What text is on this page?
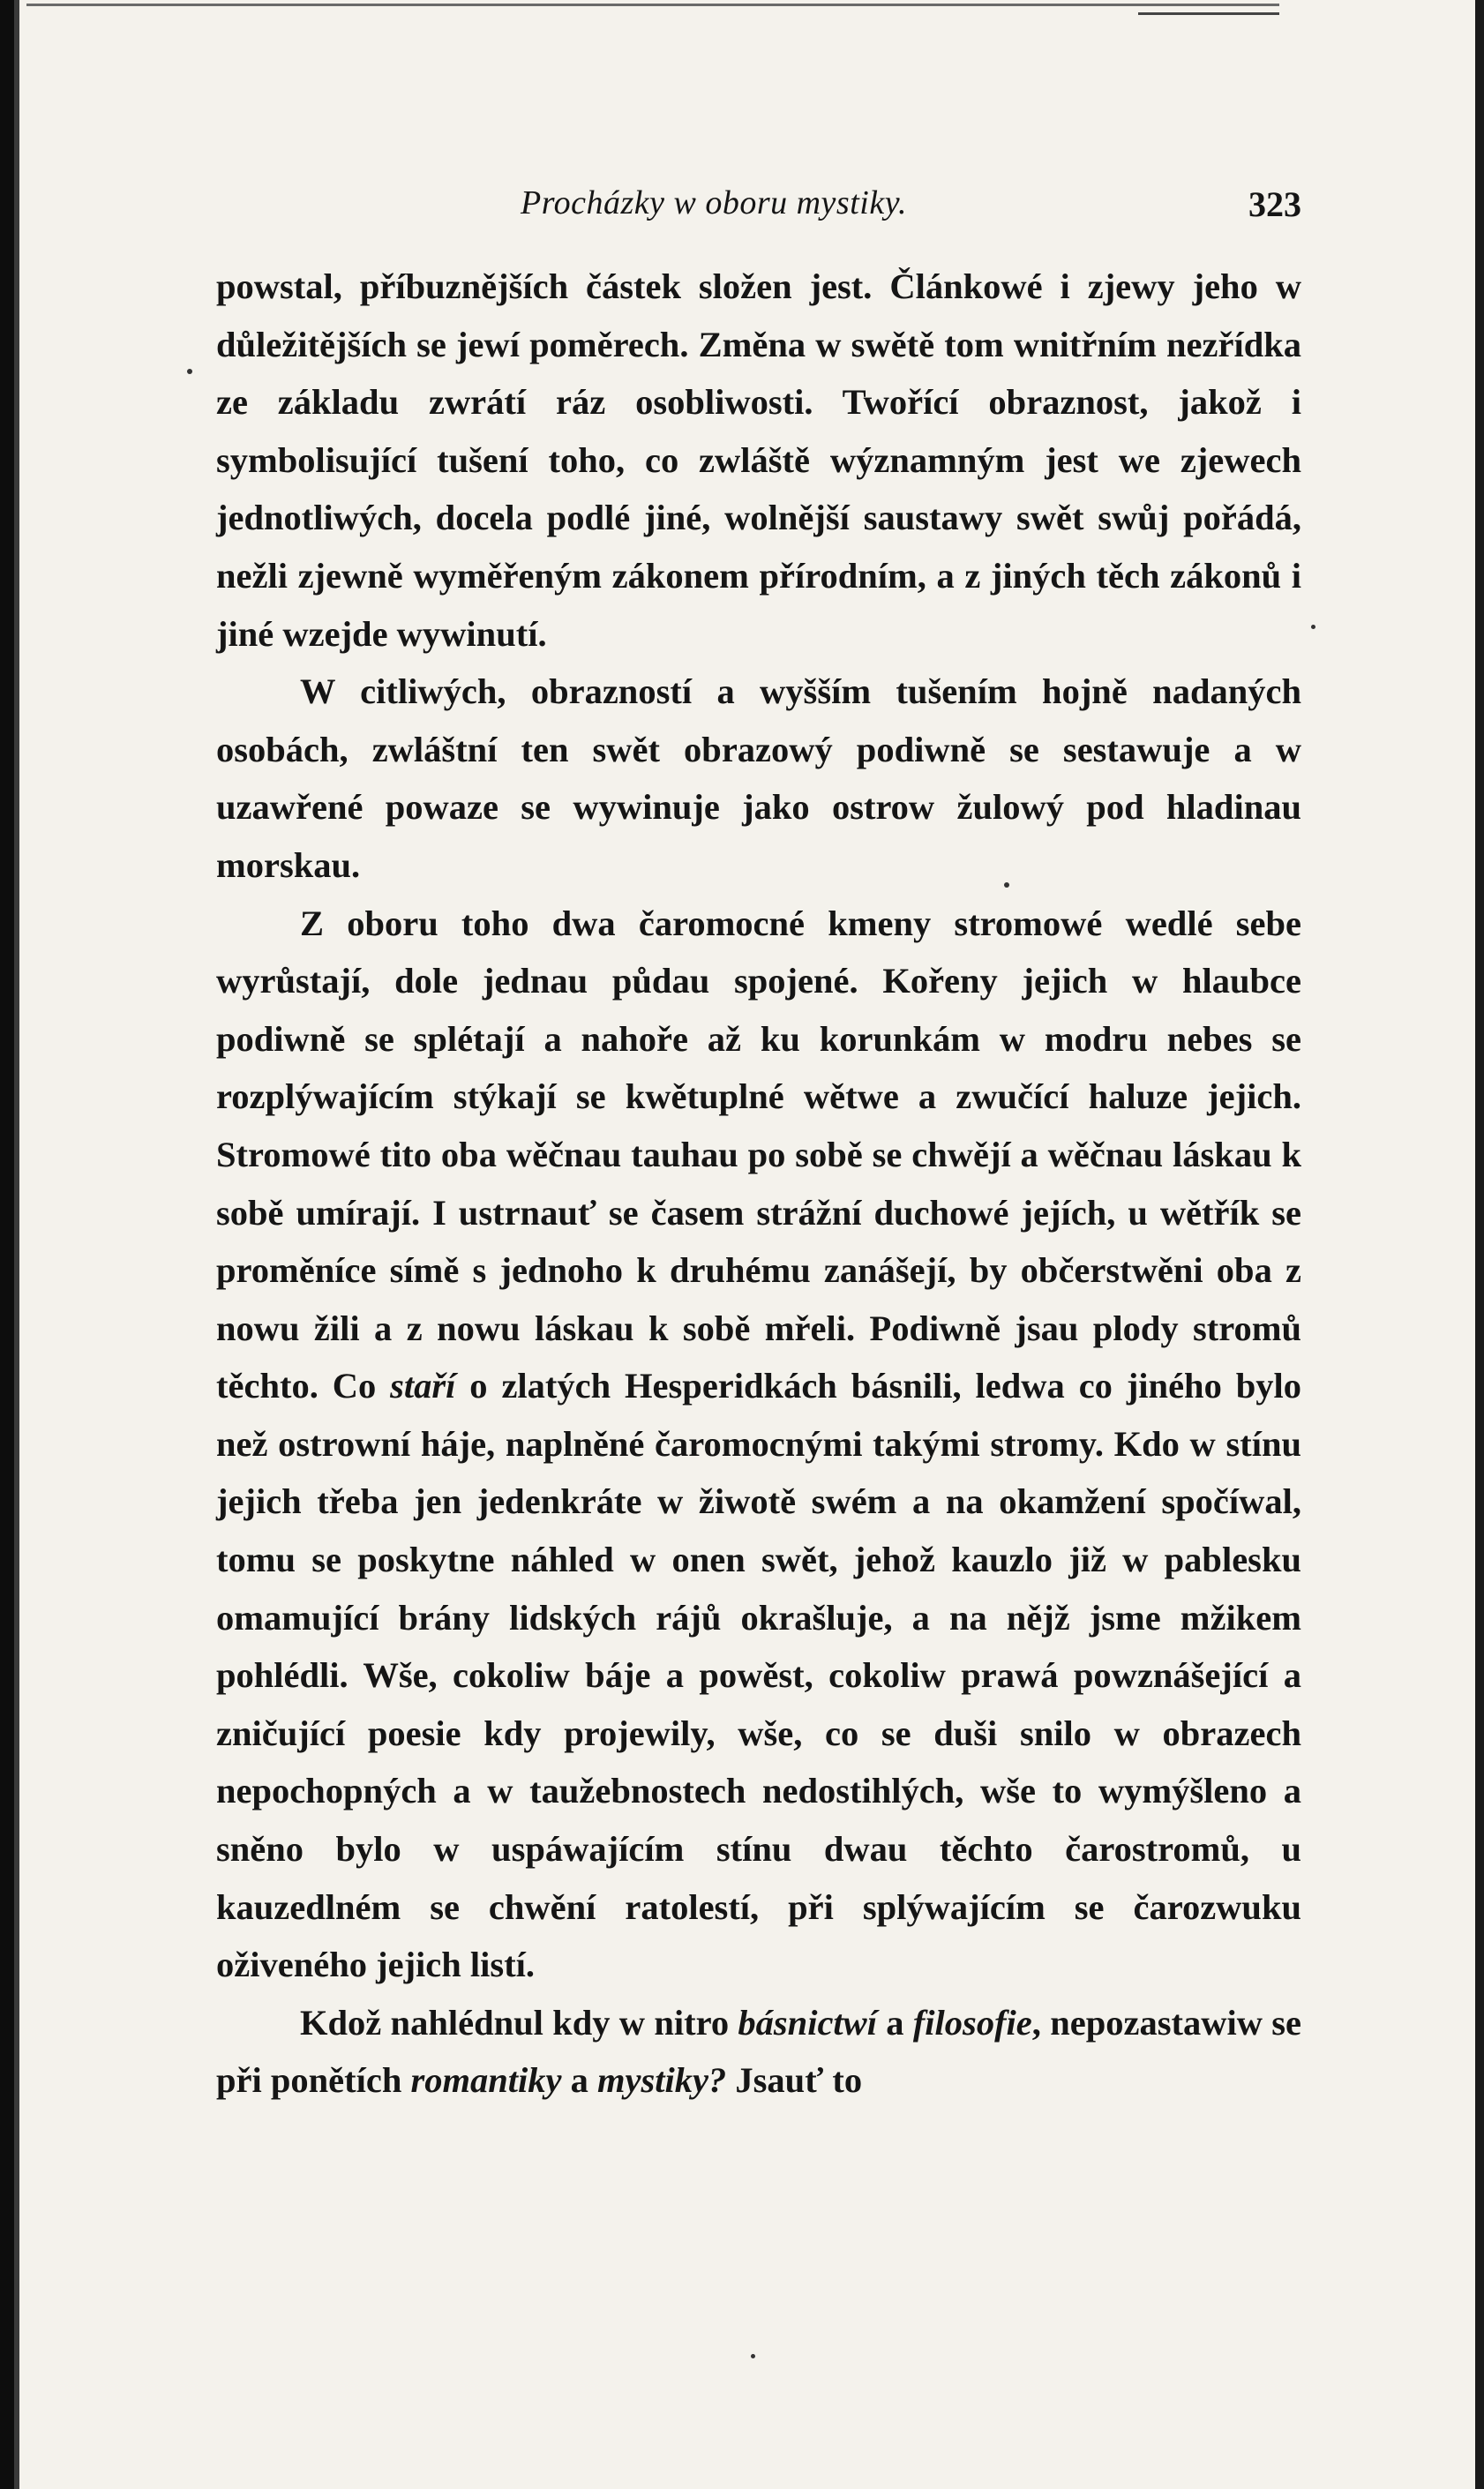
Procházky w oboru mystiky.	323

powstal, příbuznějších částek složen jest. Článkowé i zjewy jeho w důležitějších se jewí poměrech. Změna w swětě tom wnitřním nezřídka ze základu zwrátí ráz osobliwosti. Twořící obraznost, jakož i symbolisující tušení toho, co zwláště wýznamným jest we zjewech jednotliwých, docela podlé jiné, wolnější saustawy swět swůj pořádá, nežli zjewně wyměřeným zákonem přírodním, a z jiných těch zákonů i jiné wzejde wywinutí.

W citliwých, obrazností a wyšším tušením hojně nadaných osobách, zwláštní ten swět obrazowý podiwně se sestawuje a w uzawřené powaze se wywinuje jako ostrow žulowý pod hladinau morskau.

Z oboru toho dwa čaromocné kmeny stromowé wedlé sebe wyrůstají, dole jednau půdau spojené. Kořeny jejich w hlaubce podiwně se splétají a nahoře až ku korunkám w modru nebes se rozplýwajícím stýkají se kwětuplné wětwe a zwučící haluze jejich. Stromowé tito oba wěčnau tauhau po sobě se chwějí a wěčnau láskau k sobě umírají. I ustrnauť se časem strážní duchowé jejích, u wětřík se proměníce símě s jednoho k druhému zanášejí, by občerstwěni oba z nowu žili a z nowu láskau k sobě mřeli. Podiwně jsau plody stromů těchto. Co staří o zlatých Hesperidkách básnili, ledwa co jiného bylo než ostrowní háje, naplněné čaromocnými takými stromy. Kdo w stínu jejich třeba jen jedenkráte w žiwotě swém a na okamžení spočíwal, tomu se poskytne náhled w onen swět, jehož kauzlo již w pablesku omamující brány lidských rájů okrašluje, a na nějž jsme mžikem pohlédli. Wše, cokoliw báje a powěst, cokoliw prawá powznášející a zničující poesie kdy projewily, wše, co se duši snilo w obrazech nepochopných a w taužebnostech nedostihlých, wše to wymýšleno a sněno bylo w uspáwajícím stínu dwau těchto čarostromů, u kauzedlném se chwění ratolestí, při splýwajícím se čarozwuku oživeného jejich listí.

Kdož nahlédnul kdy w nitro básnictwí a filosofie, nepozastawiw se při ponětích romantiky a mystiky? Jsauť to
